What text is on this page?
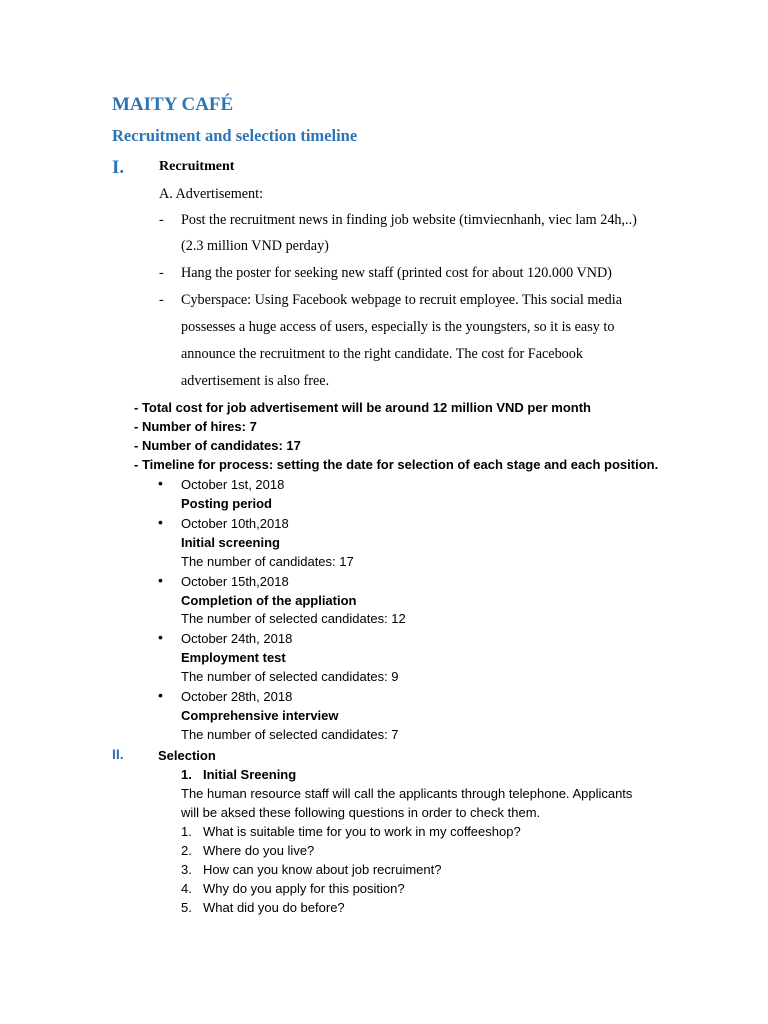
MAITY CAFÉ
Recruitment and selection timeline
I. Recruitment
A. Advertisement:
- Post the recruitment news in finding job website (timviecnhanh, viec lam 24h,..)
(2.3 million VND perday)
- Hang the poster for seeking new staff (printed cost for about 120.000 VND)
- Cyberspace: Using Facebook webpage to recruit employee. This social media
possesses a huge access of users, especially is the youngsters, so it is easy to
announce the recruitment to the right candidate. The cost for Facebook
advertisement is also free.
- Total cost for job advertisement will be around 12 million VND per month
- Number of hires: 7
- Number of candidates: 17
- Timeline for process: setting the date for selection of each stage and each position.
• October 1st, 2018
Posting period
• October 10th,2018
Initial screening
The number of candidates: 17
• October 15th,2018
Completion of the appliation
The number of selected candidates: 12
• October 24th, 2018
Employment test
The number of selected candidates: 9
• October 28th, 2018
Comprehensive interview
The number of selected candidates: 7
II.	Selection
1. Initial Sreening
The human resource staff will call the applicants through telephone. Applicants
will be aksed these following questions in order to check them.
1. What is suitable time for you to work in my coffeeshop?
2. Where do you live?
3. How can you know about job recruiment?
4. Why do you apply for this position?
5. What did you do before?
